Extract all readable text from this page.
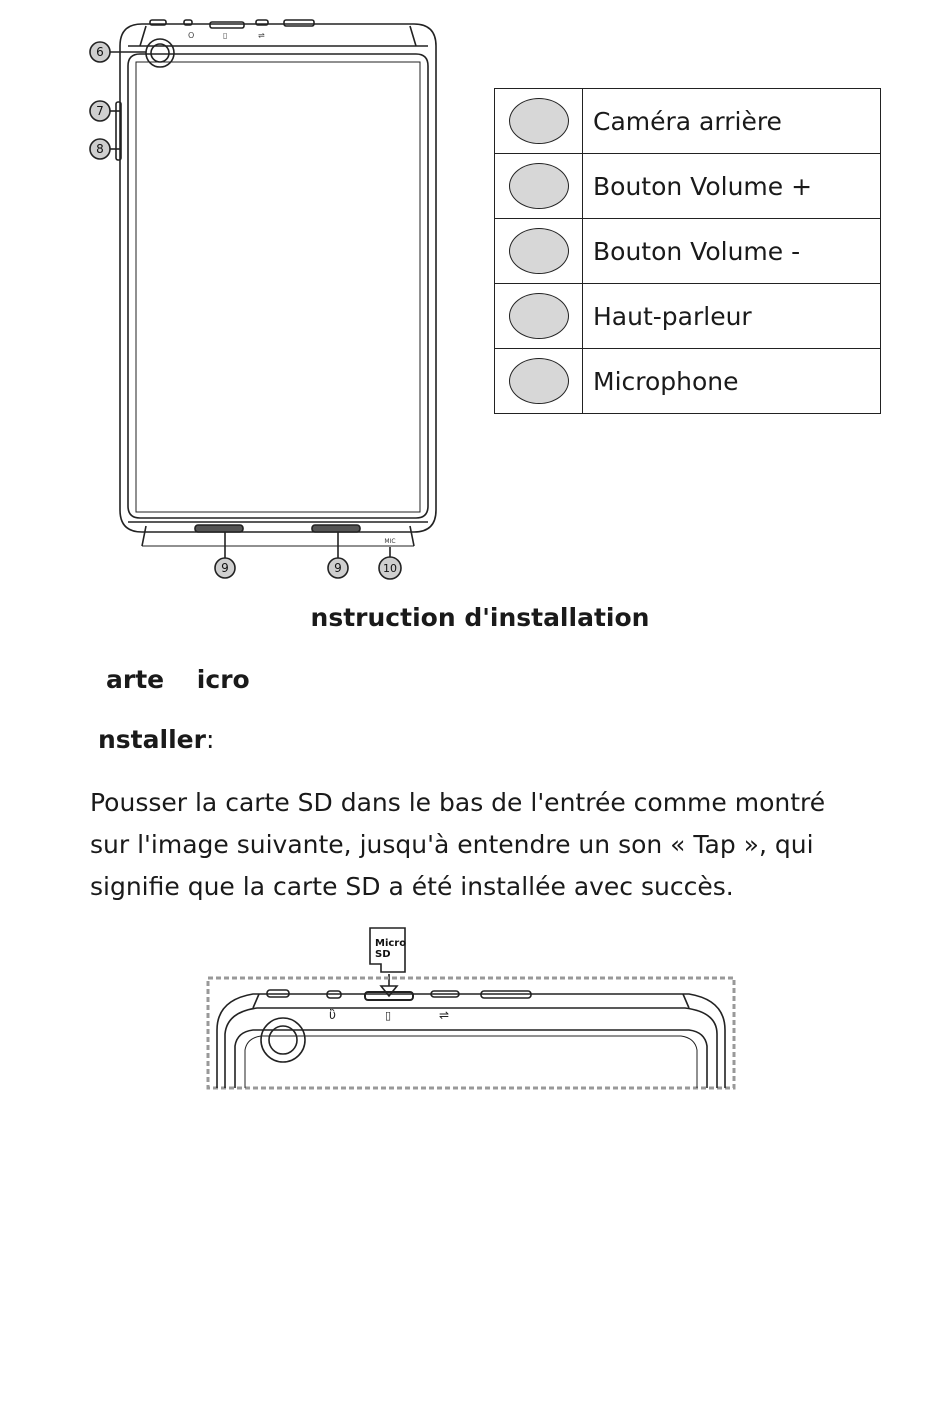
O	▯	⇌
6
7
8
9	9	10
MIC
	Caméra arrière
	Bouton Volume +
	Bouton Volume -
	Haut-parleur
	Microphone
nstruction d'installation
arte icro
nstaller:
Pousser la carte SD dans le bas de l'entrée comme montré sur l'image suivante, jusqu'à entendre un son « Tap », qui signifie que la carte SD a été installée avec succès.
Micro
SD
ὒ	▯	⇌
